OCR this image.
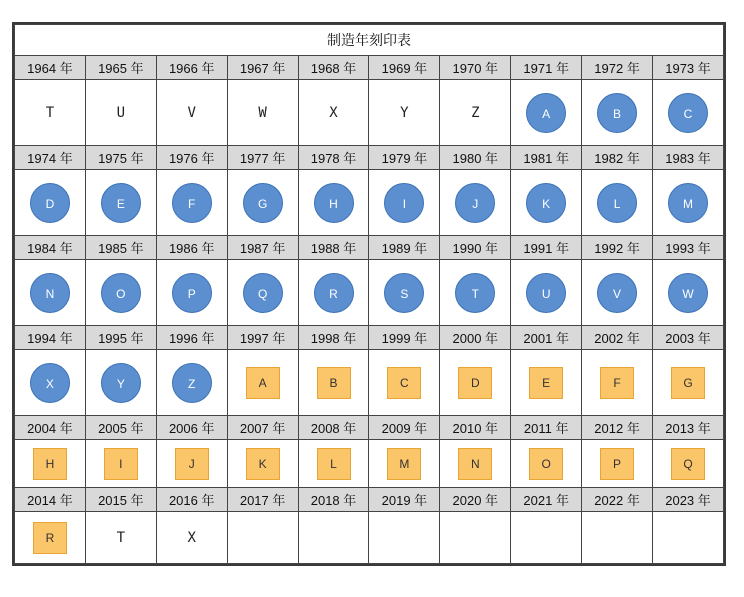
制造年刻印表									
1964 年	1965 年	1966 年	1967 年	1968 年	1969 年	1970 年	1971 年	1972 年	1973 年
T	U	V	W	X	Y	Z	A	B	C
1974 年	1975 年	1976 年	1977 年	1978 年	1979 年	1980 年	1981 年	1982 年	1983 年
D	E	F	G	H	I	J	K	L	M
1984 年	1985 年	1986 年	1987 年	1988 年	1989 年	1990 年	1991 年	1992 年	1993 年
N	O	P	Q	R	S	T	U	V	W
1994 年	1995 年	1996 年	1997 年	1998 年	1999 年	2000 年	2001 年	2002 年	2003 年
X	Y	Z	A	B	C	D	E	F	G
2004 年	2005 年	2006 年	2007 年	2008 年	2009 年	2010 年	2011 年	2012 年	2013 年
H	I	J	K	L	M	N	O	P	Q
2014 年	2015 年	2016 年	2017 年	2018 年	2019 年	2020 年	2021 年	2022 年	2023 年
R	T	X							
